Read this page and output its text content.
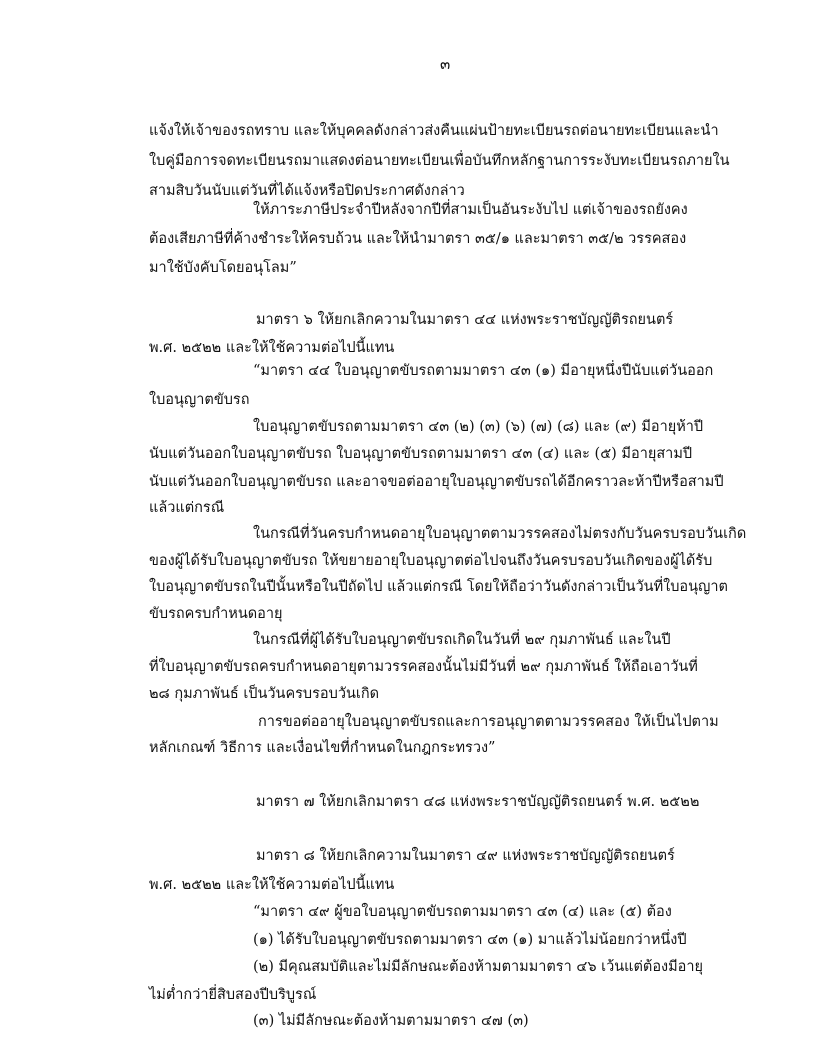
๓
แจ้งให้เจ้าของรถทราบ และให้บุคคลดังกล่าวส่งคืนแผ่นป้ายทะเบียนรถต่อนายทะเบียนและนำ
ใบคู่มือการจดทะเบียนรถมาแสดงต่อนายทะเบียนเพื่อบันทึกหลักฐานการระงับทะเบียนรถภายใน
สามสิบวันนับแต่วันที่ได้แจ้งหรือปิดประกาศดังกล่าว
ให้ภาระภาษีประจำปีหลังจากปีที่สามเป็นอันระงับไป แต่เจ้าของรถยังคง
ต้องเสียภาษีที่ค้างชำระให้ครบถ้วน และให้นำมาตรา ๓๕/๑ และมาตรา ๓๕/๒ วรรคสอง
มาใช้บังคับโดยอนุโลม”
มาตรา ๖ ให้ยกเลิกความในมาตรา ๔๔ แห่งพระราชบัญญัติรถยนตร์
พ.ศ. ๒๕๒๒ และให้ใช้ความต่อไปนี้แทน
“มาตรา ๔๔ ใบอนุญาตขับรถตามมาตรา ๔๓ (๑) มีอายุหนึ่งปีนับแต่วันออก
ใบอนุญาตขับรถ
ใบอนุญาตขับรถตามมาตรา ๔๓ (๒) (๓) (๖) (๗) (๘) และ (๙) มีอายุห้าปี
นับแต่วันออกใบอนุญาตขับรถ ใบอนุญาตขับรถตามมาตรา ๔๓ (๔) และ (๕) มีอายุสามปี
นับแต่วันออกใบอนุญาตขับรถ และอาจขอต่ออายุใบอนุญาตขับรถได้อีกคราวละห้าปีหรือสามปี
แล้วแต่กรณี
ในกรณีที่วันครบกำหนดอายุใบอนุญาตตามวรรคสองไม่ตรงกับวันครบรอบวันเกิด
ของผู้ได้รับใบอนุญาตขับรถ ให้ขยายอายุใบอนุญาตต่อไปจนถึงวันครบรอบวันเกิดของผู้ได้รับ
ใบอนุญาตขับรถในปีนั้นหรือในปีถัดไป แล้วแต่กรณี โดยให้ถือว่าวันดังกล่าวเป็นวันที่ใบอนุญาต
ขับรถครบกำหนดอายุ
ในกรณีที่ผู้ได้รับใบอนุญาตขับรถเกิดในวันที่ ๒๙ กุมภาพันธ์ และในปี
ที่ใบอนุญาตขับรถครบกำหนดอายุตามวรรคสองนั้นไม่มีวันที่ ๒๙ กุมภาพันธ์ ให้ถือเอาวันที่
๒๘ กุมภาพันธ์ เป็นวันครบรอบวันเกิด
การขอต่ออายุใบอนุญาตขับรถและการอนุญาตตามวรรคสอง ให้เป็นไปตาม
หลักเกณฑ์ วิธีการ และเงื่อนไขที่กำหนดในกฎกระทรวง”
มาตรา ๗ ให้ยกเลิกมาตรา ๔๘ แห่งพระราชบัญญัติรถยนตร์ พ.ศ. ๒๕๒๒
มาตรา ๘ ให้ยกเลิกความในมาตรา ๔๙ แห่งพระราชบัญญัติรถยนตร์
พ.ศ. ๒๕๒๒ และให้ใช้ความต่อไปนี้แทน
“มาตรา ๔๙ ผู้ขอใบอนุญาตขับรถตามมาตรา ๔๓ (๔) และ (๕) ต้อง
(๑) ได้รับใบอนุญาตขับรถตามมาตรา ๔๓ (๑) มาแล้วไม่น้อยกว่าหนึ่งปี
(๒) มีคุณสมบัติและไม่มีลักษณะต้องห้ามตามมาตรา ๔๖ เว้นแต่ต้องมีอายุ
ไม่ต่ำกว่ายี่สิบสองปีบริบูรณ์
(๓) ไม่มีลักษณะต้องห้ามตามมาตรา ๔๗ (๓)
